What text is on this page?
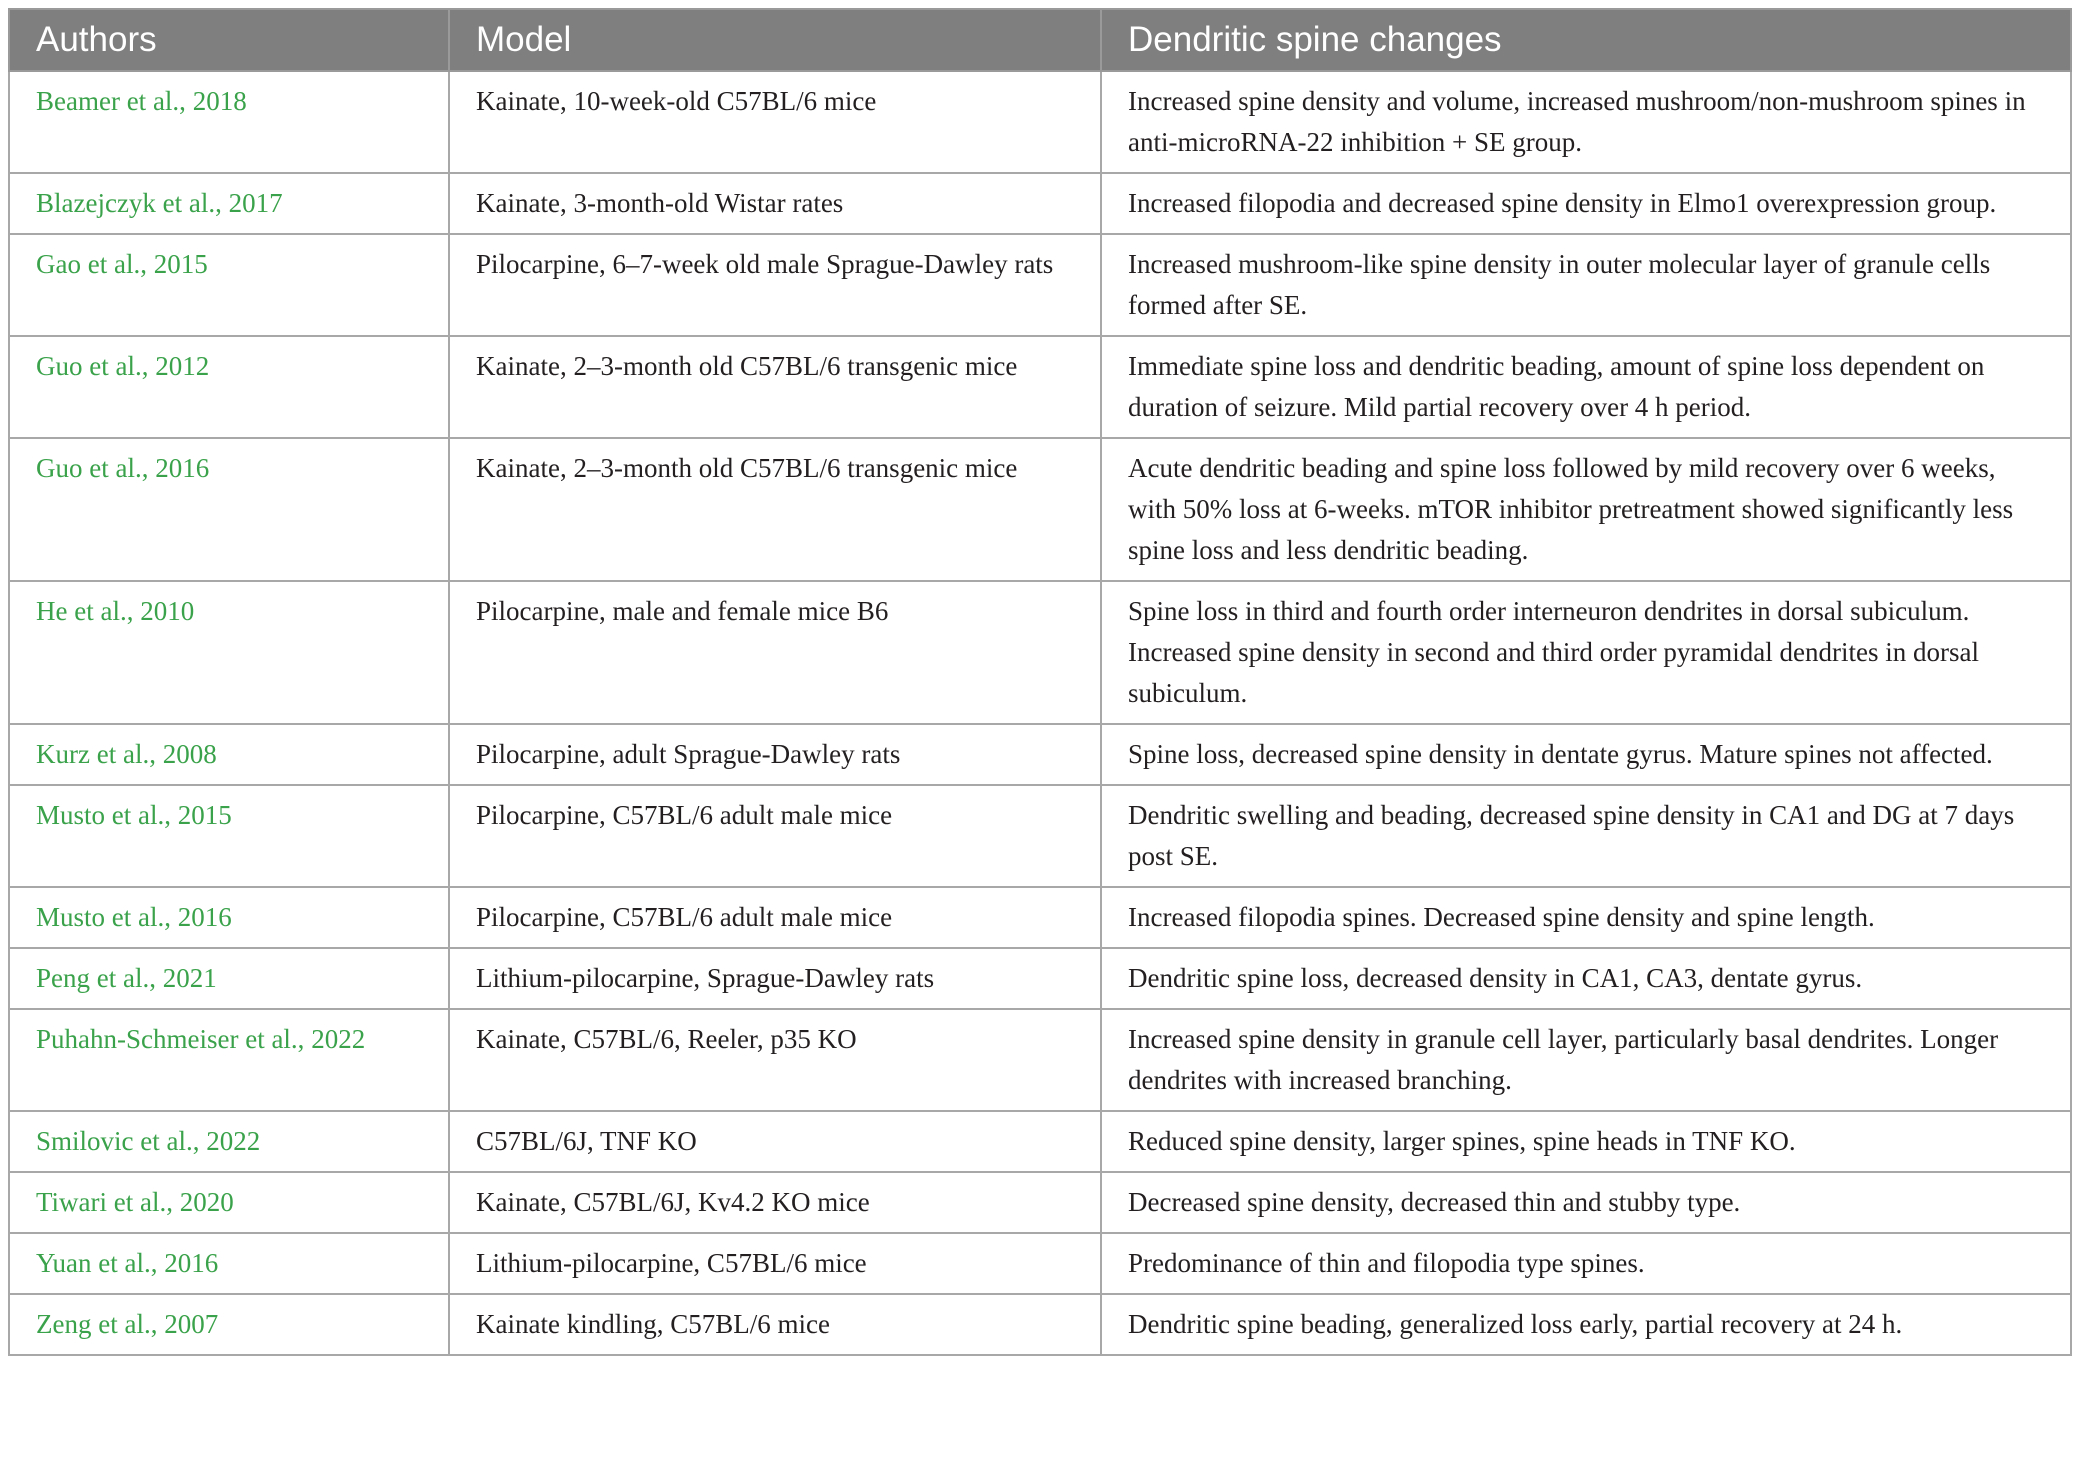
Authors	Model	Dendritic spine changes
Beamer et al., 2018	Kainate, 10-week-old C57BL/6 mice	Increased spine density and volume, increased mushroom/non-mushroom spines in anti-microRNA-22 inhibition + SE group.
Blazejczyk et al., 2017	Kainate, 3-month-old Wistar rates	Increased filopodia and decreased spine density in Elmo1 overexpression group.
Gao et al., 2015	Pilocarpine, 6–7-week old male Sprague-Dawley rats	Increased mushroom-like spine density in outer molecular layer of granule cells formed after SE.
Guo et al., 2012	Kainate, 2–3-month old C57BL/6 transgenic mice	Immediate spine loss and dendritic beading, amount of spine loss dependent on duration of seizure. Mild partial recovery over 4 h period.
Guo et al., 2016	Kainate, 2–3-month old C57BL/6 transgenic mice	Acute dendritic beading and spine loss followed by mild recovery over 6 weeks, with 50% loss at 6-weeks. mTOR inhibitor pretreatment showed significantly less spine loss and less dendritic beading.
He et al., 2010	Pilocarpine, male and female mice B6	Spine loss in third and fourth order interneuron dendrites in dorsal subiculum. Increased spine density in second and third order pyramidal dendrites in dorsal subiculum.
Kurz et al., 2008	Pilocarpine, adult Sprague-Dawley rats	Spine loss, decreased spine density in dentate gyrus. Mature spines not affected.
Musto et al., 2015	Pilocarpine, C57BL/6 adult male mice	Dendritic swelling and beading, decreased spine density in CA1 and DG at 7 days post SE.
Musto et al., 2016	Pilocarpine, C57BL/6 adult male mice	Increased filopodia spines. Decreased spine density and spine length.
Peng et al., 2021	Lithium-pilocarpine, Sprague-Dawley rats	Dendritic spine loss, decreased density in CA1, CA3, dentate gyrus.
Puhahn-Schmeiser et al., 2022	Kainate, C57BL/6, Reeler, p35 KO	Increased spine density in granule cell layer, particularly basal dendrites. Longer dendrites with increased branching.
Smilovic et al., 2022	C57BL/6J, TNF KO	Reduced spine density, larger spines, spine heads in TNF KO.
Tiwari et al., 2020	Kainate, C57BL/6J, Kv4.2 KO mice	Decreased spine density, decreased thin and stubby type.
Yuan et al., 2016	Lithium-pilocarpine, C57BL/6 mice	Predominance of thin and filopodia type spines.
Zeng et al., 2007	Kainate kindling, C57BL/6 mice	Dendritic spine beading, generalized loss early, partial recovery at 24 h.
